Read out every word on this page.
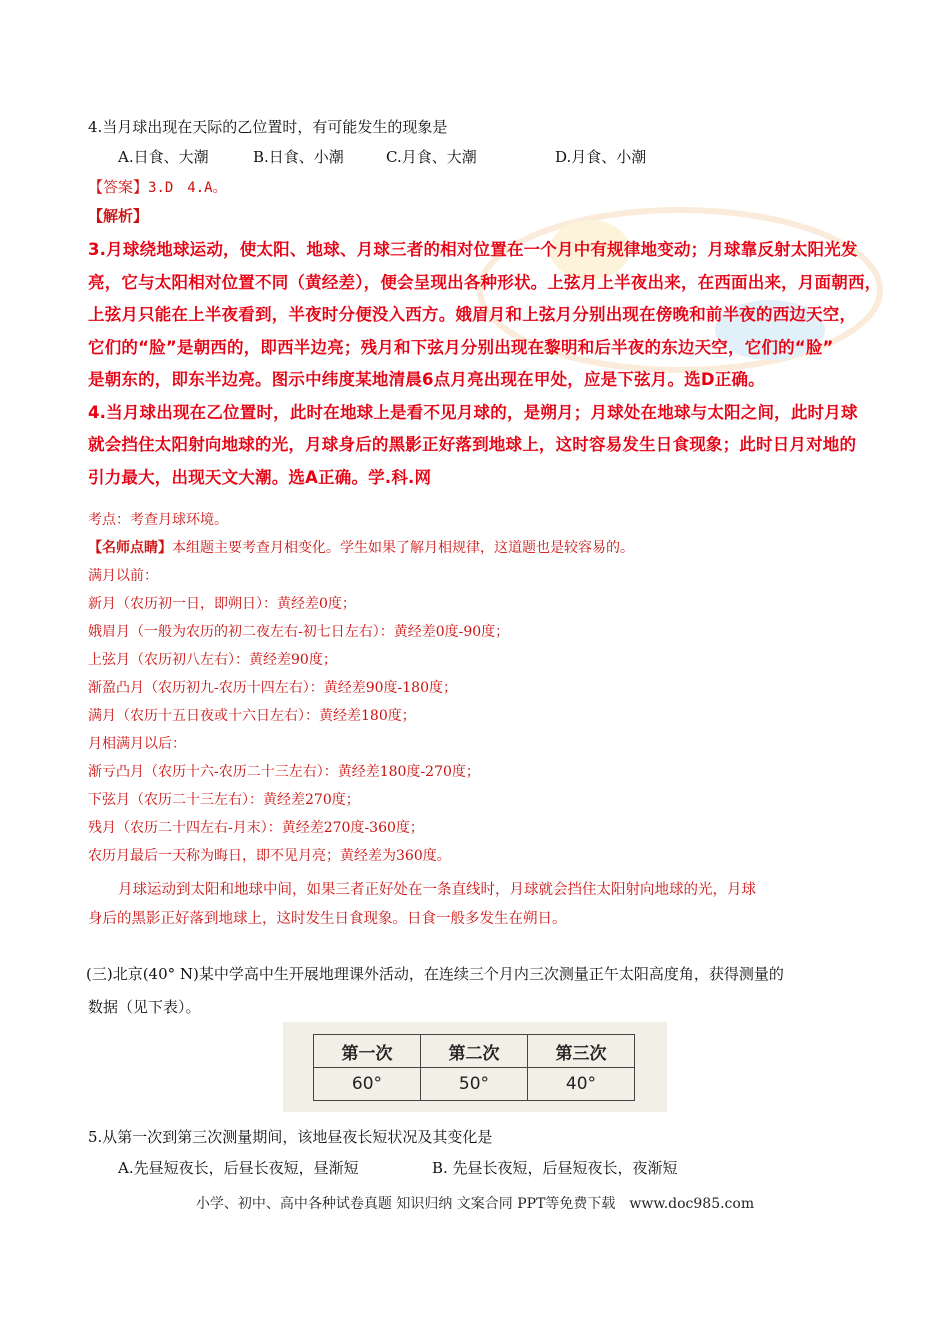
4.当月球出现在天际的乙位置时，有可能发生的现象是
A.日食、大潮	B.日食、小潮	C.月食、大潮	D.月食、小潮
【答案】3.D　4.A。
【解析】
3.月球绕地球运动，使太阳、地球、月球三者的相对位置在一个月中有规律地变动；月球靠反射太阳光发
亮，它与太阳相对位置不同（黄经差），便会呈现出各种形状。上弦月上半夜出来，在西面出来，月面朝西，
上弦月只能在上半夜看到，半夜时分便没入西方。娥眉月和上弦月分别出现在傍晚和前半夜的西边天空，
它们的“脸”是朝西的，即西半边亮；残月和下弦月分别出现在黎明和后半夜的东边天空，它们的“脸”
是朝东的，即东半边亮。图示中纬度某地清晨6点月亮出现在甲处，应是下弦月。选D正确。
4.当月球出现在乙位置时，此时在地球上是看不见月球的，是朔月；月球处在地球与太阳之间，此时月球
就会挡住太阳射向地球的光，月球身后的黑影正好落到地球上，这时容易发生日食现象；此时日月对地的
引力最大，出现天文大潮。选A正确。学.科.网
考点：考查月球环境。
【名师点睛】本组题主要考查月相变化。学生如果了解月相规律，这道题也是较容易的。
满月以前：
新月（农历初一日，即朔日）：黄经差0度；
娥眉月（一般为农历的初二夜左右-初七日左右）：黄经差0度-90度；
上弦月（农历初八左右）：黄经差90度；
渐盈凸月（农历初九-农历十四左右）：黄经差90度-180度；
满月（农历十五日夜或十六日左右）：黄经差180度；
月相满月以后：
渐亏凸月（农历十六-农历二十三左右）：黄经差180度-270度；
下弦月（农历二十三左右）：黄经差270度；
残月（农历二十四左右-月末）：黄经差270度-360度；
农历月最后一天称为晦日，即不见月亮；黄经差为360度。
月球运动到太阳和地球中间，如果三者正好处在一条直线时，月球就会挡住太阳射向地球的光，月球
身后的黑影正好落到地球上，这时发生日食现象。日食一般多发生在朔日。
(三)北京(40° N)某中学高中生开展地理课外活动，在连续三个月内三次测量正午太阳高度角，获得测量的
数据（见下表）。
第一次	第二次	第三次
60°	50°	40°
5.从第一次到第三次测量期间，该地昼夜长短状况及其变化是
A.先昼短夜长，后昼长夜短，昼渐短	B. 先昼长夜短，后昼短夜长，夜渐短
小学、初中、高中各种试卷真题 知识归纳 文案合同 PPT等免费下载　www.doc985.com
